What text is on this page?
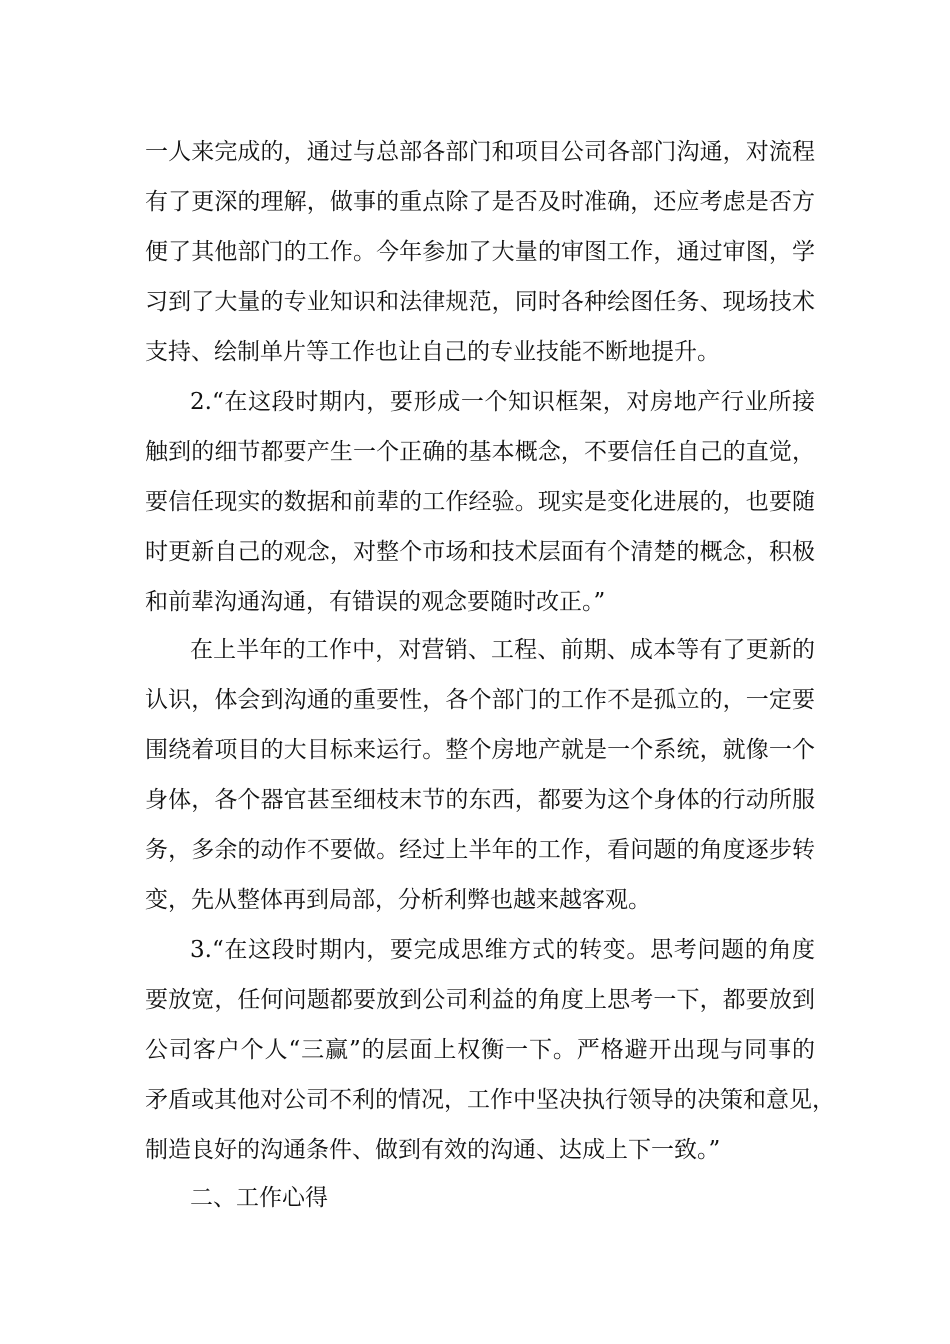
一人来完成的，通过与总部各部门和项目公司各部门沟通，对流程
有了更深的理解，做事的重点除了是否及时准确，还应考虑是否方
便了其他部门的工作。今年参加了大量的审图工作，通过审图，学
习到了大量的专业知识和法律规范，同时各种绘图任务、现场技术
支持、绘制单片等工作也让自己的专业技能不断地提升。
2.“在这段时期内，要形成一个知识框架，对房地产行业所接
触到的细节都要产生一个正确的基本概念，不要信任自己的直觉，
要信任现实的数据和前辈的工作经验。现实是变化进展的，也要随
时更新自己的观念，对整个市场和技术层面有个清楚的概念，积极
和前辈沟通沟通，有错误的观念要随时改正。”
在上半年的工作中，对营销、工程、前期、成本等有了更新的
认识，体会到沟通的重要性，各个部门的工作不是孤立的，一定要
围绕着项目的大目标来运行。整个房地产就是一个系统，就像一个
身体，各个器官甚至细枝末节的东西，都要为这个身体的行动所服
务，多余的动作不要做。经过上半年的工作，看问题的角度逐步转
变，先从整体再到局部，分析利弊也越来越客观。
3.“在这段时期内，要完成思维方式的转变。思考问题的角度
要放宽，任何问题都要放到公司利益的角度上思考一下，都要放到
公司客户个人“三赢”的层面上权衡一下。严格避开出现与同事的
矛盾或其他对公司不利的情况，工作中坚决执行领导的决策和意见，
制造良好的沟通条件、做到有效的沟通、达成上下一致。”
二、工作心得
